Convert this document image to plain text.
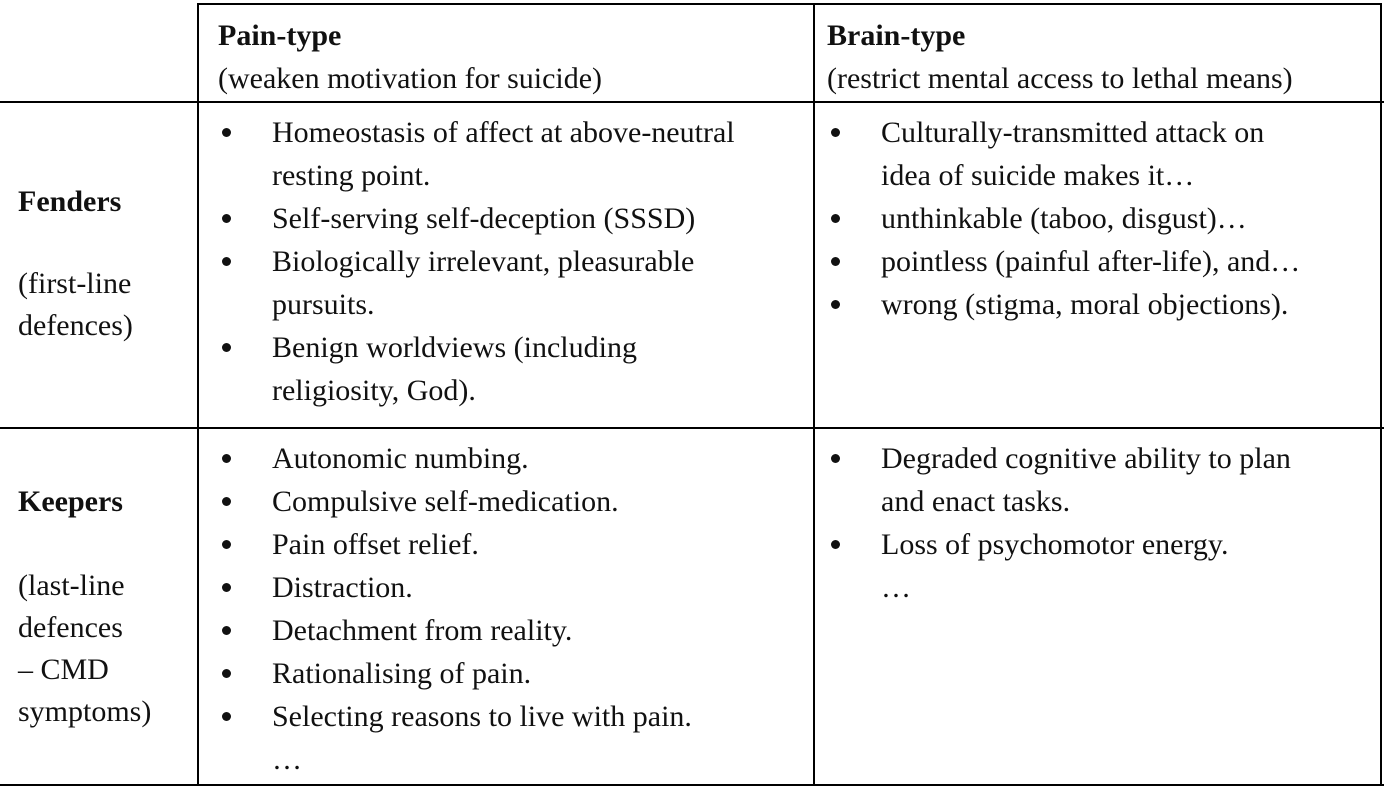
Pain-type
(weaken motivation for suicide)
Brain-type
(restrict mental access to lethal means)
Fenders
(first-line
defences)
Keepers
(last-line
defences
– CMD
symptoms)
Homeostasis of affect at above-neutral
resting point.
Self-serving self-deception (SSSD)
Biologically irrelevant, pleasurable
pursuits.
Benign worldviews (including
religiosity, God).
Culturally-transmitted attack on
idea of suicide makes it…
unthinkable (taboo, disgust)…
pointless (painful after-life), and…
wrong (stigma, moral objections).
Autonomic numbing.
Compulsive self-medication.
Pain offset relief.
Distraction.
Detachment from reality.
Rationalising of pain.
Selecting reasons to live with pain.
…
Degraded cognitive ability to plan
and enact tasks.
Loss of psychomotor energy.
…
